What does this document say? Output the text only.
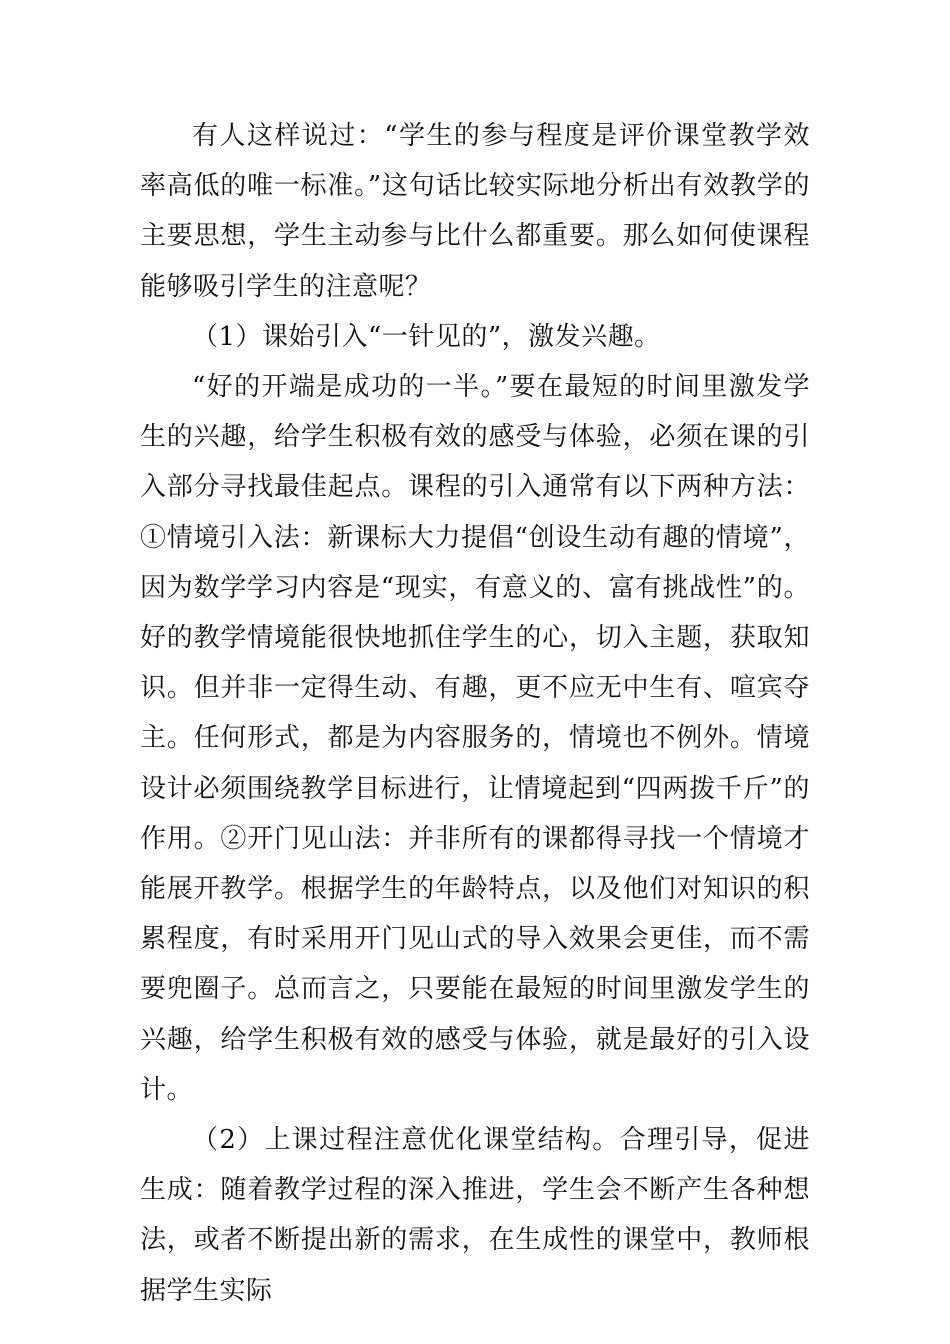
有人这样说过：“学生的参与程度是评价课堂教学效率高低的唯一标准。”这句话比较实际地分析出有效教学的主要思想，学生主动参与比什么都重要。那么如何使课程能够吸引学生的注意呢？

（1）课始引入“一针见的”，激发兴趣。

“好的开端是成功的一半。”要在最短的时间里激发学生的兴趣，给学生积极有效的感受与体验，必须在课的引入部分寻找最佳起点。课程的引入通常有以下两种方法：①情境引入法：新课标大力提倡“创设生动有趣的情境”，因为数学学习内容是“现实，有意义的、富有挑战性”的。好的教学情境能很快地抓住学生的心，切入主题，获取知识。但并非一定得生动、有趣，更不应无中生有、喧宾夺主。任何形式，都是为内容服务的，情境也不例外。情境设计必须围绕教学目标进行，让情境起到“四两拨千斤”的作用。②开门见山法：并非所有的课都得寻找一个情境才能展开教学。根据学生的年龄特点，以及他们对知识的积累程度，有时采用开门见山式的导入效果会更佳，而不需要兜圈子。总而言之，只要能在最短的时间里激发学生的兴趣，给学生积极有效的感受与体验，就是最好的引入设计。

（2）上课过程注意优化课堂结构。合理引导，促进生成：随着教学过程的深入推进，学生会不断产生各种想法，或者不断提出新的需求，在生成性的课堂中，教师根据学生实际
